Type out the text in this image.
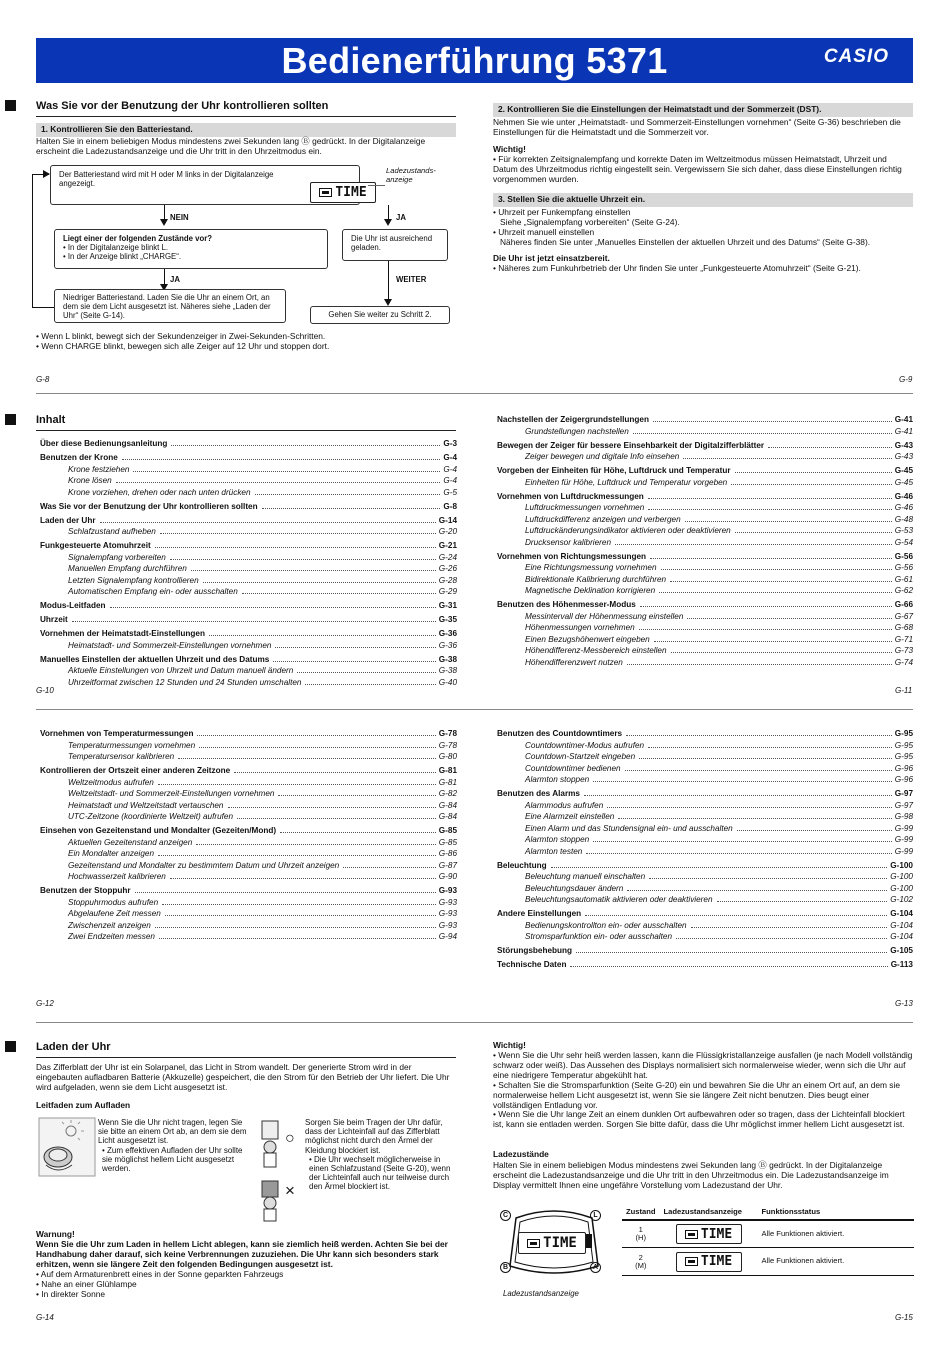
Bedienerführung 5371	CASIO
Was Sie vor der Benutzung der Uhr kontrollieren sollten
1. Kontrollieren Sie den Batteriestand.
Halten Sie in einem beliebigen Modus mindestens zwei Sekunden lang Ⓑ gedrückt. In der Digitalanzeige erscheint die Ladezustandsanzeige und die Uhr tritt in den Uhrzeitmodus ein.
Der Batteriestand wird mit H oder M links in der Digitalanzeige angezeigt.
TIME
Ladezustands-
anzeige
NEIN	JA
Liegt einer der folgenden Zustände vor?
• In der Digitalanzeige blinkt L.
• In der Anzeige blinkt „CHARGE“.
Die Uhr ist ausreichend geladen.
JA	WEITER
Niedriger Batteriestand. Laden Sie die Uhr an einem Ort, an dem sie dem Licht ausgesetzt ist. Näheres siehe „Laden der Uhr“ (Seite G-14).	Gehen Sie weiter zu Schritt 2.
• Wenn L blinkt, bewegt sich der Sekundenzeiger in Zwei-Sekunden-Schritten.
• Wenn CHARGE blinkt, bewegen sich alle Zeiger auf 12 Uhr und stoppen dort.
G-8
2. Kontrollieren Sie die Einstellungen der Heimatstadt und der Sommerzeit (DST).
Nehmen Sie wie unter „Heimatstadt- und Sommerzeit-Einstellungen vornehmen“ (Seite G-36) beschrieben die Einstellungen für die Heimatstadt und die Sommerzeit vor.
Wichtig!
• Für korrekten Zeitsignalempfang und korrekte Daten im Weltzeitmodus müssen Heimatstadt, Uhrzeit und Datum des Uhrzeitmodus richtig eingestellt sein. Vergewissern Sie sich daher, dass diese Einstellungen richtig vorgenommen wurden.
3. Stellen Sie die aktuelle Uhrzeit ein.
• Uhrzeit per Funkempfang einstellen
Siehe „Signalempfang vorbereiten“ (Seite G-24).
• Uhrzeit manuell einstellen
Näheres finden Sie unter „Manuelles Einstellen der aktuellen Uhrzeit und des Datums“ (Seite G-38).
Die Uhr ist jetzt einsatzbereit.
• Näheres zum Funkuhrbetrieb der Uhr finden Sie unter „Funkgesteuerte Atomuhrzeit“ (Seite G-21).
G-9
Inhalt
Über diese Bedienungsanleitung	G-3
Benutzen der Krone	G-4
Krone festziehen	G-4
Krone lösen	G-4
Krone vorziehen, drehen oder nach unten drücken	G-5
Was Sie vor der Benutzung der Uhr kontrollieren sollten	G-8
Laden der Uhr	G-14
Schlafzustand aufheben	G-20
Funkgesteuerte Atomuhrzeit	G-21
Signalempfang vorbereiten	G-24
Manuellen Empfang durchführen	G-26
Letzten Signalempfang kontrollieren	G-28
Automatischen Empfang ein- oder ausschalten	G-29
Modus-Leitfaden	G-31
Uhrzeit	G-35
Vornehmen der Heimatstadt-Einstellungen	G-36
Heimatstadt- und Sommerzeit-Einstellungen vornehmen	G-36
Manuelles Einstellen der aktuellen Uhrzeit und des Datums	G-38
Aktuelle Einstellungen von Uhrzeit und Datum manuell ändern	G-38
Uhrzeitformat zwischen 12 Stunden und 24 Stunden umschalten	G-40
Nachstellen der Zeigergrundstellungen	G-41
Grundstellungen nachstellen	G-41
Bewegen der Zeiger für bessere Einsehbarkeit der Digitalzifferblätter	G-43
Zeiger bewegen und digitale Info einsehen	G-43
Vorgeben der Einheiten für Höhe, Luftdruck und Temperatur	G-45
Einheiten für Höhe, Luftdruck und Temperatur vorgeben	G-45
Vornehmen von Luftdruckmessungen	G-46
Luftdruckmessungen vornehmen	G-46
Luftdruckdifferenz anzeigen und verbergen	G-48
Luftdruckänderungsindikator aktivieren oder deaktivieren	G-53
Drucksensor kalibrieren	G-54
Vornehmen von Richtungsmessungen	G-56
Eine Richtungsmessung vornehmen	G-56
Bidirektionale Kalibrierung durchführen	G-61
Magnetische Deklination korrigieren	G-62
Benutzen des Höhenmesser-Modus	G-66
Messintervall der Höhenmessung einstellen	G-67
Höhenmessungen vornehmen	G-68
Einen Bezugshöhenwert eingeben	G-71
Höhendifferenz-Messbereich einstellen	G-73
Höhendifferenzwert nutzen	G-74
G-10	G-11
Vornehmen von Temperaturmessungen	G-78
Temperaturmessungen vornehmen	G-78
Temperatursensor kalibrieren	G-80
Kontrollieren der Ortszeit einer anderen Zeitzone	G-81
Weltzeitmodus aufrufen	G-81
Weltzeitstadt- und Sommerzeit-Einstellungen vornehmen	G-82
Heimatstadt und Weltzeitstadt vertauschen	G-84
UTC-Zeitzone (koordinierte Weltzeit) aufrufen	G-84
Einsehen von Gezeitenstand und Mondalter (Gezeiten/Mond)	G-85
Aktuellen Gezeitenstand anzeigen	G-85
Ein Mondalter anzeigen	G-86
Gezeitenstand und Mondalter zu bestimmtem Datum und Uhrzeit anzeigen	G-87
Hochwasserzeit kalibrieren	G-90
Benutzen der Stoppuhr	G-93
Stoppuhrmodus aufrufen	G-93
Abgelaufene Zeit messen	G-93
Zwischenzeit anzeigen	G-93
Zwei Endzeiten messen	G-94
Benutzen des Countdowntimers	G-95
Countdowntimer-Modus aufrufen	G-95
Countdown-Startzeit eingeben	G-95
Countdowntimer bedienen	G-96
Alarmton stoppen	G-96
Benutzen des Alarms	G-97
Alarmmodus aufrufen	G-97
Eine Alarmzeit einstellen	G-98
Einen Alarm und das Stundensignal ein- und ausschalten	G-99
Alarmton stoppen	G-99
Alarmton testen	G-99
Beleuchtung	G-100
Beleuchtung manuell einschalten	G-100
Beleuchtungsdauer ändern	G-100
Beleuchtungsautomatik aktivieren oder deaktivieren	G-102
Andere Einstellungen	G-104
Bedienungskontrollton ein- oder ausschalten	G-104
Stromsparfunktion ein- oder ausschalten	G-104
Störungsbehebung	G-105
Technische Daten	G-113
G-12	G-13
Laden der Uhr
Das Zifferblatt der Uhr ist ein Solarpanel, das Licht in Strom wandelt. Der generierte Strom wird in der eingebauten aufladbaren Batterie (Akkuzelle) gespeichert, die den Strom für den Betrieb der Uhr liefert. Die Uhr wird aufgeladen, wenn sie dem Licht ausgesetzt ist.
Leitfaden zum Aufladen
Wenn Sie die Uhr nicht tragen, legen Sie sie bitte an einem Ort ab, an dem sie dem Licht ausgesetzt ist.
• Zum effektiven Aufladen der Uhr sollte sie möglichst hellem Licht ausgesetzt werden.
○
×
Sorgen Sie beim Tragen der Uhr dafür, dass der Lichteinfall auf das Zifferblatt möglichst nicht durch den Ärmel der Kleidung blockiert ist.
• Die Uhr wechselt möglicherweise in einen Schlafzustand (Seite G-20), wenn der Lichteinfall auch nur teilweise durch den Ärmel blockiert ist.
Warnung!
Wenn Sie die Uhr zum Laden in hellem Licht ablegen, kann sie ziemlich heiß werden. Achten Sie bei der Handhabung daher darauf, sich keine Verbrennungen zuzuziehen. Die Uhr kann sich besonders stark erhitzen, wenn sie längere Zeit den folgenden Bedingungen ausgesetzt ist.
• Auf dem Armaturenbrett eines in der Sonne geparkten Fahrzeugs
• Nahe an einer Glühlampe
• In direkter Sonne
G-14
Wichtig!
• Wenn Sie die Uhr sehr heiß werden lassen, kann die Flüssigkristallanzeige ausfallen (je nach Modell vollständig schwarz oder weiß). Das Aussehen des Displays normalisiert sich normalerweise wieder, wenn sich die Uhr auf eine niedrigere Temperatur abgekühlt hat.
• Schalten Sie die Stromsparfunktion (Seite G-20) ein und bewahren Sie die Uhr an einem Ort auf, an dem sie normalerweise hellem Licht ausgesetzt ist, wenn Sie sie längere Zeit nicht benutzen. Dies beugt einer vollständigen Entladung vor.
• Wenn Sie die Uhr lange Zeit an einem dunklen Ort aufbewahren oder so tragen, dass der Lichteinfall blockiert ist, kann sie entladen werden. Sorgen Sie bitte dafür, dass die Uhr möglichst immer hellem Licht ausgesetzt ist.
Ladezustände
Halten Sie in einem beliebigen Modus mindestens zwei Sekunden lang Ⓑ gedrückt. In der Digitalanzeige erscheint die Ladezustandsanzeige und die Uhr tritt in den Uhrzeitmodus ein. Die Ladezustandsanzeige im Display vermittelt Ihnen eine ungefähre Vorstellung vom Ladezustand der Uhr.
TIME
C	L
B	A
Ladezustandsanzeige
Zustand	Ladezustandsanzeige	Funktionsstatus

1
(H)	TIME	Alle Funktionen aktiviert.

2
(M)	TIME	Alle Funktionen aktiviert.
G-15
